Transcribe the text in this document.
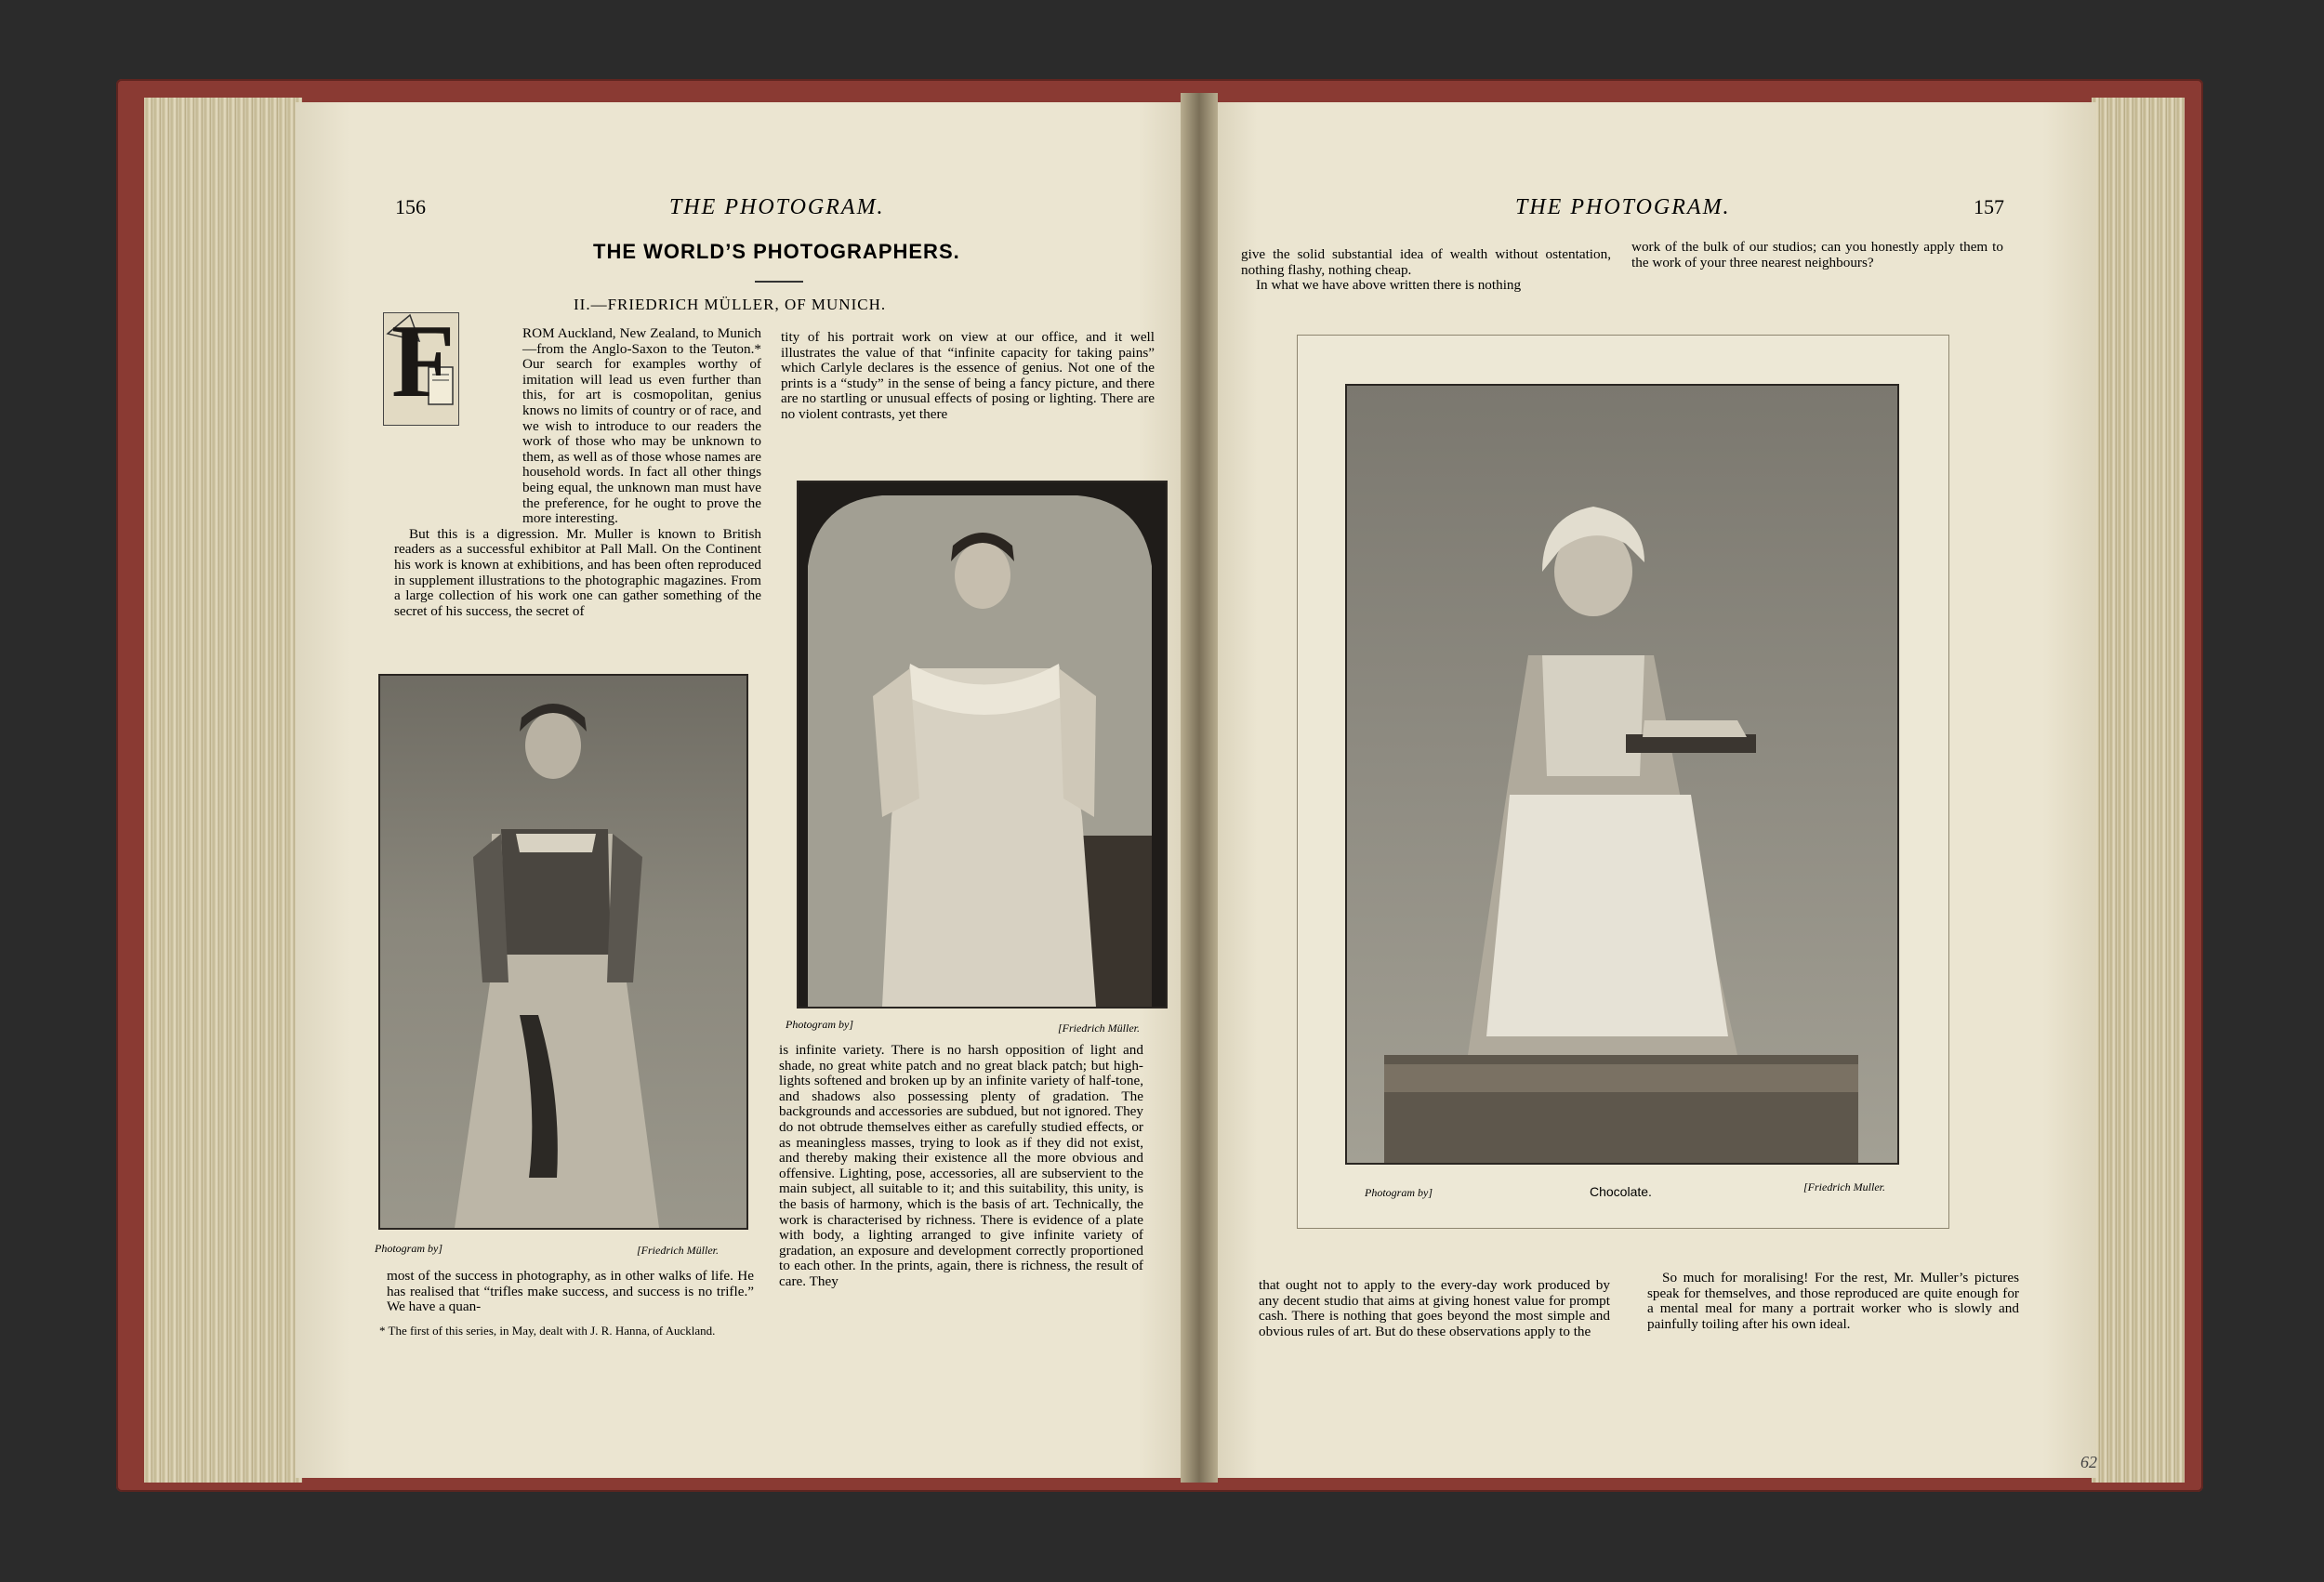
156	THE PHOTOGRAM.
THE WORLD’S PHOTOGRAPHERS.
II.—FRIEDRICH MÜLLER, OF MUNICH.
F	ROM Auckland, New Zealand, to Munich—from the Anglo-Saxon to the Teuton.* Our search for examples worthy of imitation will lead us even further than this, for art is cosmopolitan, genius knows no limits of country or of race, and we wish to introduce to our readers the work of those who may be unknown to them, as well as of those whose names are household words. In fact all other things being equal, the unknown man must have the preference, for he ought to prove the more interesting.

But this is a digression. Mr. Muller is known to British readers as a successful exhibitor at Pall Mall. On the Continent his work is known at exhibitions, and has been often reproduced in supplement illustrations to the photographic magazines. From a large collection of his work one can gather something of the secret of his success, the secret of

tity of his portrait work on view at our office, and it well illustrates the value of that “infinite capacity for taking pains” which Carlyle declares is the essence of genius. Not one of the prints is a “study” in the sense of being a fancy picture, and there are no startling or unusual effects of posing or lighting. There are no violent contrasts, yet there
Photogram by]	[Friedrich Müller.
Photogram by]	[Friedrich Müller.
is infinite variety. There is no harsh opposition of light and shade, no great white patch and no great black patch; but high-lights softened and broken up by an infinite variety of half-tone, and shadows also possessing plenty of gradation. The backgrounds and accessories are subdued, but not ignored. They do not obtrude themselves either as carefully studied effects, or as meaningless masses, trying to look as if they did not exist, and thereby making their existence all the more obvious and offensive. Lighting, pose, accessories, all are subservient to the main subject, all suitable to it; and this suitability, this unity, is the basis of harmony, which is the basis of art. Technically, the work is characterised by richness. There is evidence of a plate with body, a lighting arranged to give infinite variety of gradation, an exposure and development correctly proportioned to each other. In the prints, again, there is richness, the result of care. They
most of the success in photography, as in other walks of life. He has realised that “trifles make success, and success is no trifle.” We have a quan-
* The first of this series, in May, dealt with J. R. Hanna, of Auckland.
THE PHOTOGRAM.	157

give the solid substantial idea of wealth without ostentation, nothing flashy, nothing cheap.

In what we have above written there is nothing

work of the bulk of our studios; can you honestly apply them to the work of your three nearest neighbours?
Photogram by]	Chocolate.	[Friedrich Muller.
that ought not to apply to the every-day work produced by any decent studio that aims at giving honest value for prompt cash. There is nothing that goes beyond the most simple and obvious rules of art. But do these observations apply to the

So much for moralising! For the rest, Mr. Muller’s pictures speak for themselves, and those reproduced are quite enough for a mental meal for many a portrait worker who is slowly and painfully toiling after his own ideal.

62
